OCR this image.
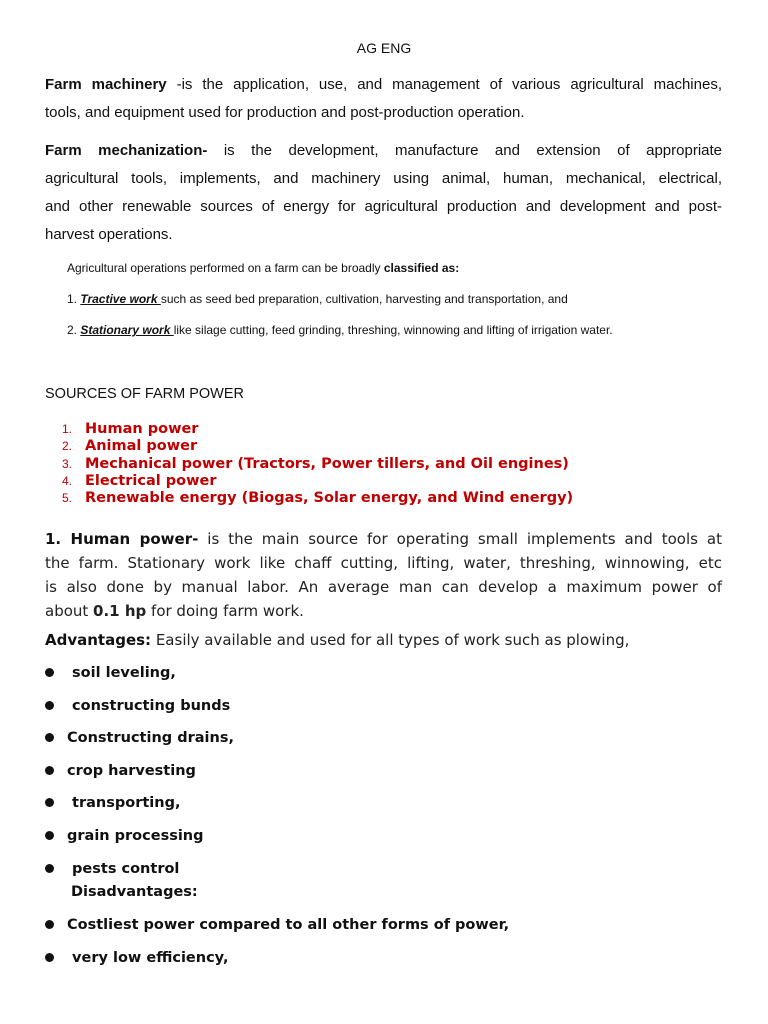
AG ENG

Farm machinery -is the application, use, and management of various agricultural machines,
tools, and equipment used for production and post-production operation.

Farm mechanization- is the development, manufacture and extension of appropriate
agricultural tools, implements, and machinery using animal, human, mechanical, electrical,
and other renewable sources of energy for agricultural production and development and post-
harvest operations.

Agricultural operations performed on a farm can be broadly classified as:
1. Tractive work such as seed bed preparation, cultivation, harvesting and transportation, and
2. Stationary work like silage cutting, feed grinding, threshing, winnowing and lifting of irrigation water.
SOURCES OF FARM POWER
1. Human power
2. Animal power
3. Mechanical power (Tractors, Power tillers, and Oil engines)
4. Electrical power
5. Renewable energy (Biogas, Solar energy, and Wind energy)
1. Human power- is the main source for operating small implements and tools at
the farm. Stationary work like chaff cutting, lifting, water, threshing, winnowing, etc
is also done by manual labor. An average man can develop a maximum power of
about 0.1 hp for doing farm work.
Advantages: Easily available and used for all types of work such as plowing,
soil leveling,
constructing bunds
Constructing drains,
crop harvesting
transporting,
grain processing
pests control
Disadvantages:
Costliest power compared to all other forms of power,
very low efficiency,
